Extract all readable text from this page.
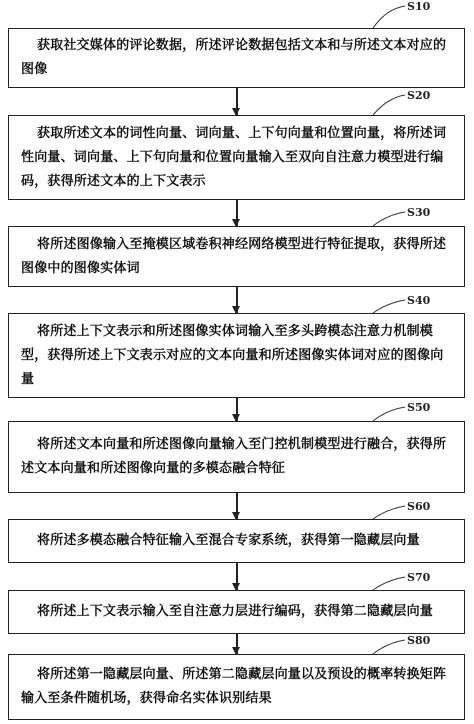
S10
获取社交媒体的评论数据，所述评论数据包括文本和与所述文本对应的图像
S20
获取所述文本的词性向量、词向量、上下句向量和位置向量，将所述词性向量、词向量、上下句向量和位置向量输入至双向自注意力模型进行编码，获得所述文本的上下文表示
S30
将所述图像输入至掩模区域卷积神经网络模型进行特征提取，获得所述图像中的图像实体词
S40
将所述上下文表示和所述图像实体词输入至多头跨模态注意力机制模型，获得所述上下文表示对应的文本向量和所述图像实体词对应的图像向量
S50
将所述文本向量和所述图像向量输入至门控机制模型进行融合，获得所述文本向量和所述图像向量的多模态融合特征
S60
将所述多模态融合特征输入至混合专家系统，获得第一隐藏层向量
S70
将所述上下文表示输入至自注意力层进行编码，获得第二隐藏层向量
S80
将所述第一隐藏层向量、所述第二隐藏层向量以及预设的概率转换矩阵输入至条件随机场，获得命名实体识别结果
